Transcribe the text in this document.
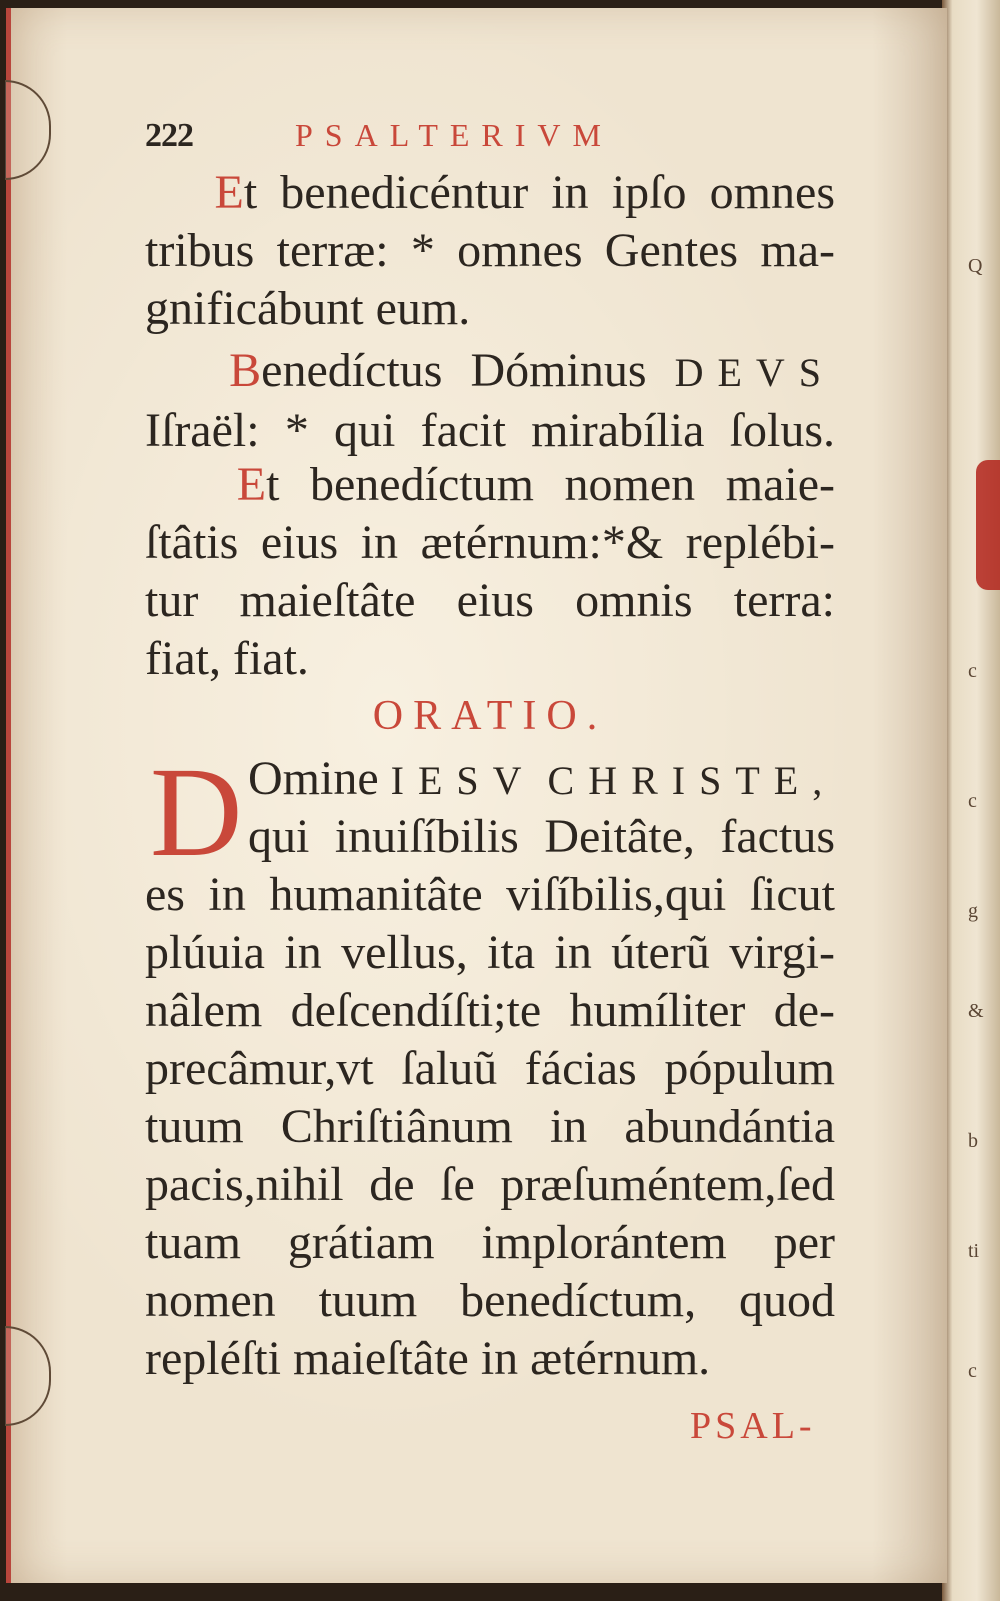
Q
c
c
g
&
b
ti
c
222	PSALTERIVM
Et benedicéntur in ipſo omnes
tribus terræ: * omnes Gentes ma-
gnificábunt eum.
Benedíctus Dóminus DEVS
Iſraël: * qui facit mirabília ſolus.
Et benedíctum nomen maie-
ſtâtis eius in ætérnum:*& replébi-
tur maieſtâte eius omnis terra:
fiat, fiat.
ORATIO.
D Omine IESV CHRISTE,
qui inuiſíbilis Deitâte, factus
es in humanitâte viſíbilis,qui ſicut
plúuia in vellus, ita in úterũ virgi-
nâlem deſcendíſti;te humíliter de-
precâmur,vt ſaluũ fácias pópulum
tuum Chriſtiânum in abundántia
pacis,nihil de ſe præſuméntem,ſed
tuam grátiam implorántem per
nomen tuum benedíctum, quod
repléſti maieſtâte in ætérnum.
PSAL-
